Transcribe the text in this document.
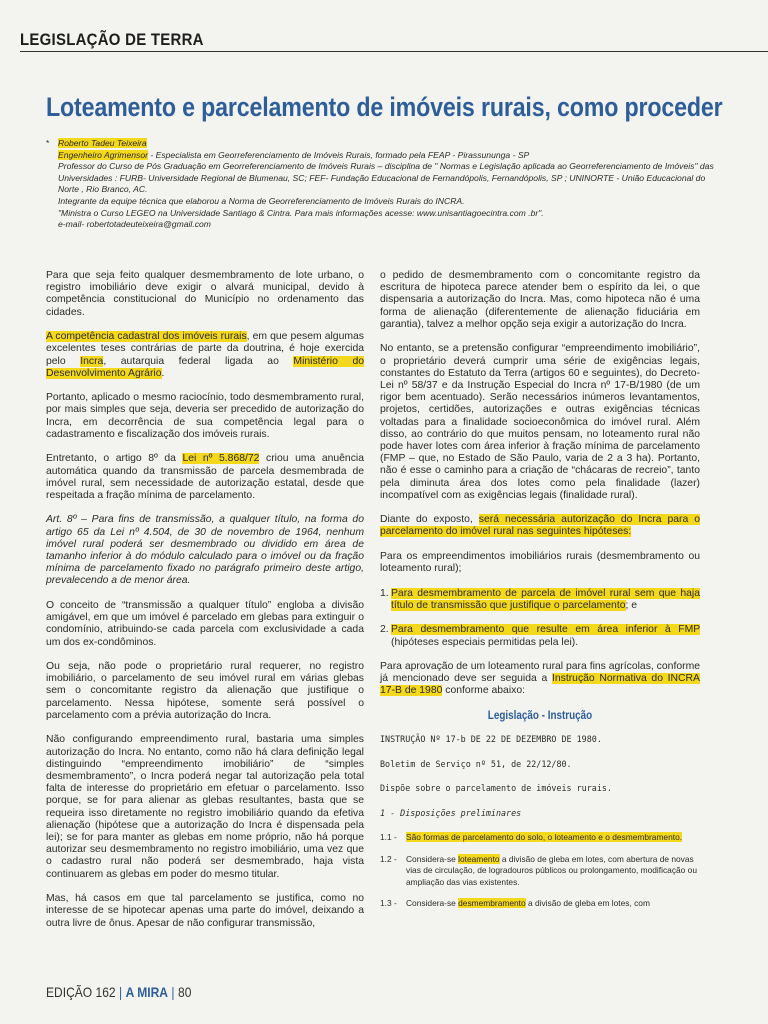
LEGISLAÇÃO DE TERRA
Loteamento e parcelamento de imóveis rurais, como proceder
* Roberto Tadeu Teixeira
Engenheiro Agrimensor - Especialista em Georreferenciamento de Imóveis Rurais, formado pela FEAP - Pirassununga - SP
Professor do Curso de Pós Graduação em Georreferenciamento de Imóveis Rurais – disciplina de " Normas e Legislação aplicada ao Georreferenciamento de Imóveis" das Universidades : FURB- Universidade Regional de Blumenau, SC; FEF- Fundação Educacional de Fernandópolis, Fernandópolis, SP ; UNINORTE - União Educacional do Norte , Rio Branco, AC.
Integrante da equipe técnica que elaborou a Norma de Georreferenciamento de Imóveis Rurais do INCRA.
"Ministra o Curso LEGEO na Universidade Santiago & Cintra. Para mais informações acesse: www.unisantiagoecintra.com .br".
e-mail- robertotadeuteixeira@gmail.com

Para que seja feito qualquer desmembramento de lote urbano, o registro imobiliário deve exigir o alvará municipal, devido à competência constitucional do Município no ordenamento das cidades.

A competência cadastral dos imóveis rurais, em que pesem algumas excelentes teses contrárias de parte da doutrina, é hoje exercida pelo Incra, autarquia federal ligada ao Ministério do Desenvolvimento Agrário.

Portanto, aplicado o mesmo raciocínio, todo desmembramento rural, por mais simples que seja, deveria ser precedido de autorização do Incra, em decorrência de sua competência legal para o cadastramento e fiscalização dos imóveis rurais.

Entretanto, o artigo 8º da Lei nº 5.868/72 criou uma anuência automática quando da transmissão de parcela desmembrada de imóvel rural, sem necessidade de autorização estatal, desde que respeitada a fração mínima de parcelamento.

Art. 8º – Para fins de transmissão, a qualquer título, na forma do artigo 65 da Lei nº 4.504, de 30 de novembro de 1964, nenhum imóvel rural poderá ser desmembrado ou dividido em área de tamanho inferior à do módulo calculado para o imóvel ou da fração mínima de parcelamento fixado no parágrafo primeiro deste artigo, prevalecendo a de menor área.

O conceito de “transmissão a qualquer título” engloba a divisão amigável, em que um imóvel é parcelado em glebas para extinguir o condomínio, atribuindo-se cada parcela com exclusividade a cada um dos ex-condôminos.

Ou seja, não pode o proprietário rural requerer, no registro imobiliário, o parcelamento de seu imóvel rural em várias glebas sem o concomitante registro da alienação que justifique o parcelamento. Nessa hipótese, somente será possível o parcelamento com a prévia autorização do Incra.

Não configurando empreendimento rural, bastaria uma simples autorização do Incra. No entanto, como não há clara definição legal distinguindo “empreendimento imobiliário” de “simples desmembramento”, o Incra poderá negar tal autorização pela total falta de interesse do proprietário em efetuar o parcelamento. Isso porque, se for para alienar as glebas resultantes, basta que se requeira isso diretamente no registro imobiliário quando da efetiva alienação (hipótese que a autorização do Incra é dispensada pela lei); se for para manter as glebas em nome próprio, não há porque autorizar seu desmembramento no registro imobiliário, uma vez que o cadastro rural não poderá ser desmembrado, haja vista continuarem as glebas em poder do mesmo titular.

Mas, há casos em que tal parcelamento se justifica, como no interesse de se hipotecar apenas uma parte do imóvel, deixando a outra livre de ônus. Apesar de não configurar transmissão,

o pedido de desmembramento com o concomitante registro da escritura de hipoteca parece atender bem o espírito da lei, o que dispensaria a autorização do Incra. Mas, como hipoteca não é uma forma de alienação (diferentemente de alienação fiduciária em garantia), talvez a melhor opção seja exigir a autorização do Incra.

No entanto, se a pretensão configurar “empreendimento imobiliário”, o proprietário deverá cumprir uma série de exigências legais, constantes do Estatuto da Terra (artigos 60 e seguintes), do Decreto-Lei nº 58/37 e da Instrução Especial do Incra nº 17-B/1980 (de um rigor bem acentuado). Serão necessários inúmeros levantamentos, projetos, certidões, autorizações e outras exigências técnicas voltadas para a finalidade socioeconômica do imóvel rural. Além disso, ao contrário do que muitos pensam, no loteamento rural não pode haver lotes com área inferior à fração mínima de parcelamento (FMP – que, no Estado de São Paulo, varia de 2 a 3 ha). Portanto, não é esse o caminho para a criação de “chácaras de recreio”, tanto pela diminuta área dos lotes como pela finalidade (lazer) incompatível com as exigências legais (finalidade rural).

Diante do exposto, será necessária autorização do Incra para o parcelamento do imóvel rural nas seguintes hipóteses:

Para os empreendimentos imobiliários rurais (desmembramento ou loteamento rural);

1. Para desmembramento de parcela de imóvel rural sem que haja título de transmissão que justifique o parcelamento; e

2. Para desmembramento que resulte em área inferior à FMP (hipóteses especiais permitidas pela lei).

Para aprovação de um loteamento rural para fins agrícolas, conforme já mencionado deve ser seguida a Instrução Normativa do INCRA 17-B de 1980 conforme abaixo:

Legislação - Instrução
INSTRUÇÃO Nº 17-b DE 22 DE DEZEMBRO DE 1980.
Boletim de Serviço nº 51, de 22/12/80.
Dispõe sobre o parcelamento de imóveis rurais.
1 - Disposições preliminares
1.1 -	São formas de parcelamento do solo, o loteamento e o desmembramento.
1.2 -	Considera-se loteamento a divisão de gleba em lotes, com abertura de novas vias de circulação, de logradouros públicos ou prolongamento, modificação ou ampliação das vias existentes.
1.3 -	Considera-se desmembramento a divisão de gleba em lotes, com
EDIÇÃO 162 | A MIRA | 80
